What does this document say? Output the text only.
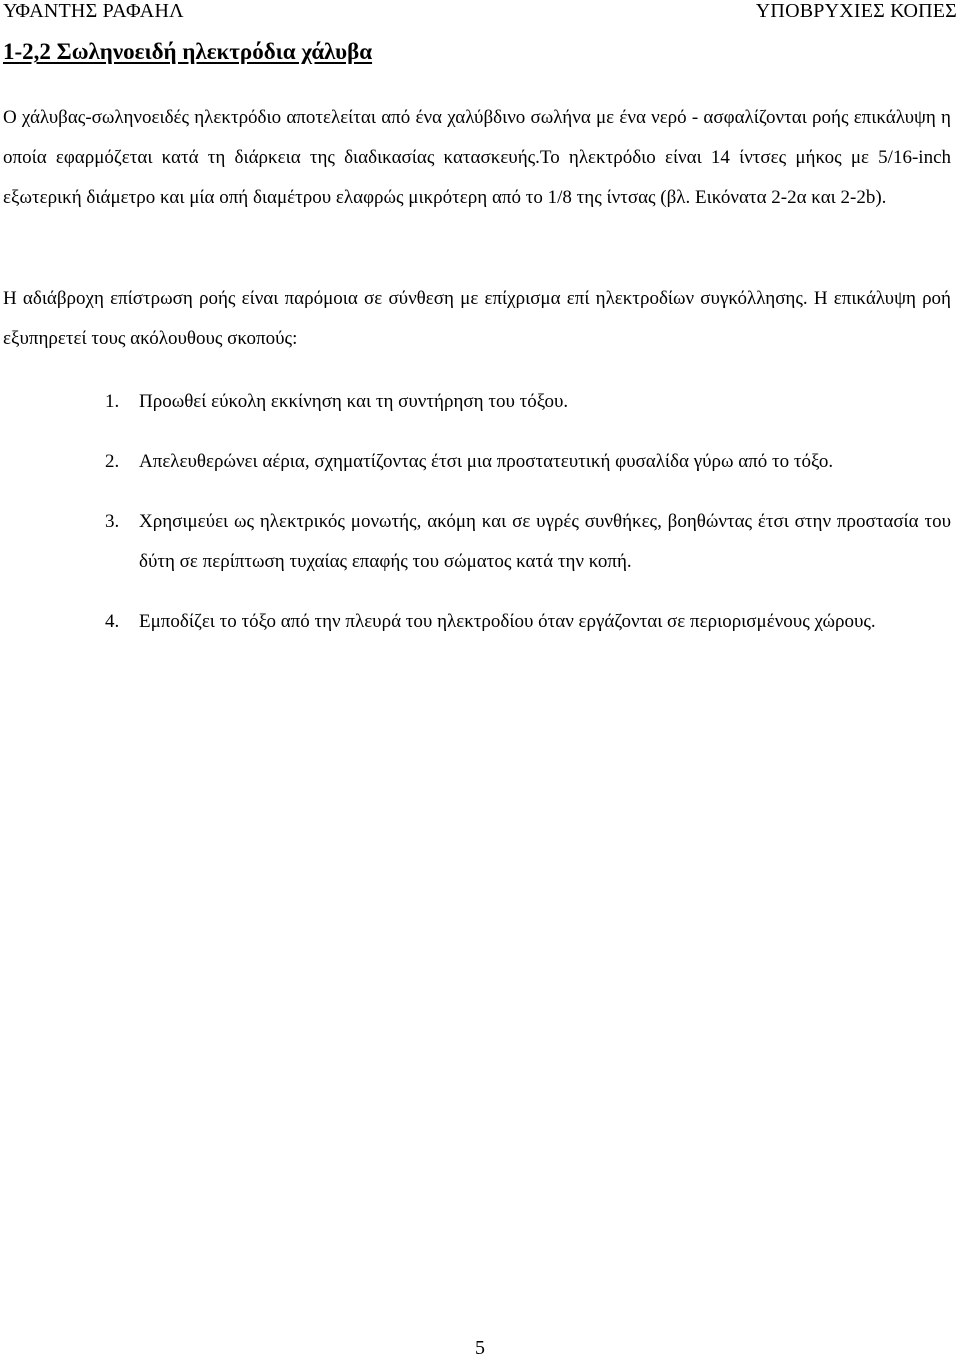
ΥΦΑΝΤΗΣ ΡΑΦΑΗΛ	ΥΠΟΒΡΥΧΙΕΣ ΚΟΠΕΣ
1-2,2 Σωληνοειδή ηλεκτρόδια χάλυβα

Ο χάλυβας-σωληνοειδές ηλεκτρόδιο αποτελείται από ένα χαλύβδινο σωλήνα με ένα νερό - ασφαλίζονται ροής επικάλυψη η οποία εφαρμόζεται κατά τη διάρκεια της διαδικασίας κατασκευής.Το ηλεκτρόδιο είναι 14 ίντσες μήκος με 5/16-inch εξωτερική διάμετρο και μία οπή διαμέτρου ελαφρώς μικρότερη από το 1/8 της ίντσας (βλ. Εικόνατα 2-2α και 2-2b).

Η αδιάβροχη επίστρωση ροής είναι παρόμοια σε σύνθεση με επίχρισμα επί ηλεκτροδίων συγκόλλησης. Η επικάλυψη ροή εξυπηρετεί τους ακόλουθους σκοπούς:

1. Προωθεί εύκολη εκκίνηση και τη συντήρηση του τόξου.
2. Απελευθερώνει αέρια, σχηματίζοντας έτσι μια προστατευτική φυσαλίδα γύρω από το τόξο.
3. Χρησιμεύει ως ηλεκτρικός μονωτής, ακόμη και σε υγρές συνθήκες, βοηθώντας έτσι στην προστασία του δύτη σε περίπτωση τυχαίας επαφής του σώματος κατά την κοπή.
4. Εμποδίζει το τόξο από την πλευρά του ηλεκτροδίου όταν εργάζονται σε περιορισμένους χώρους.
5
